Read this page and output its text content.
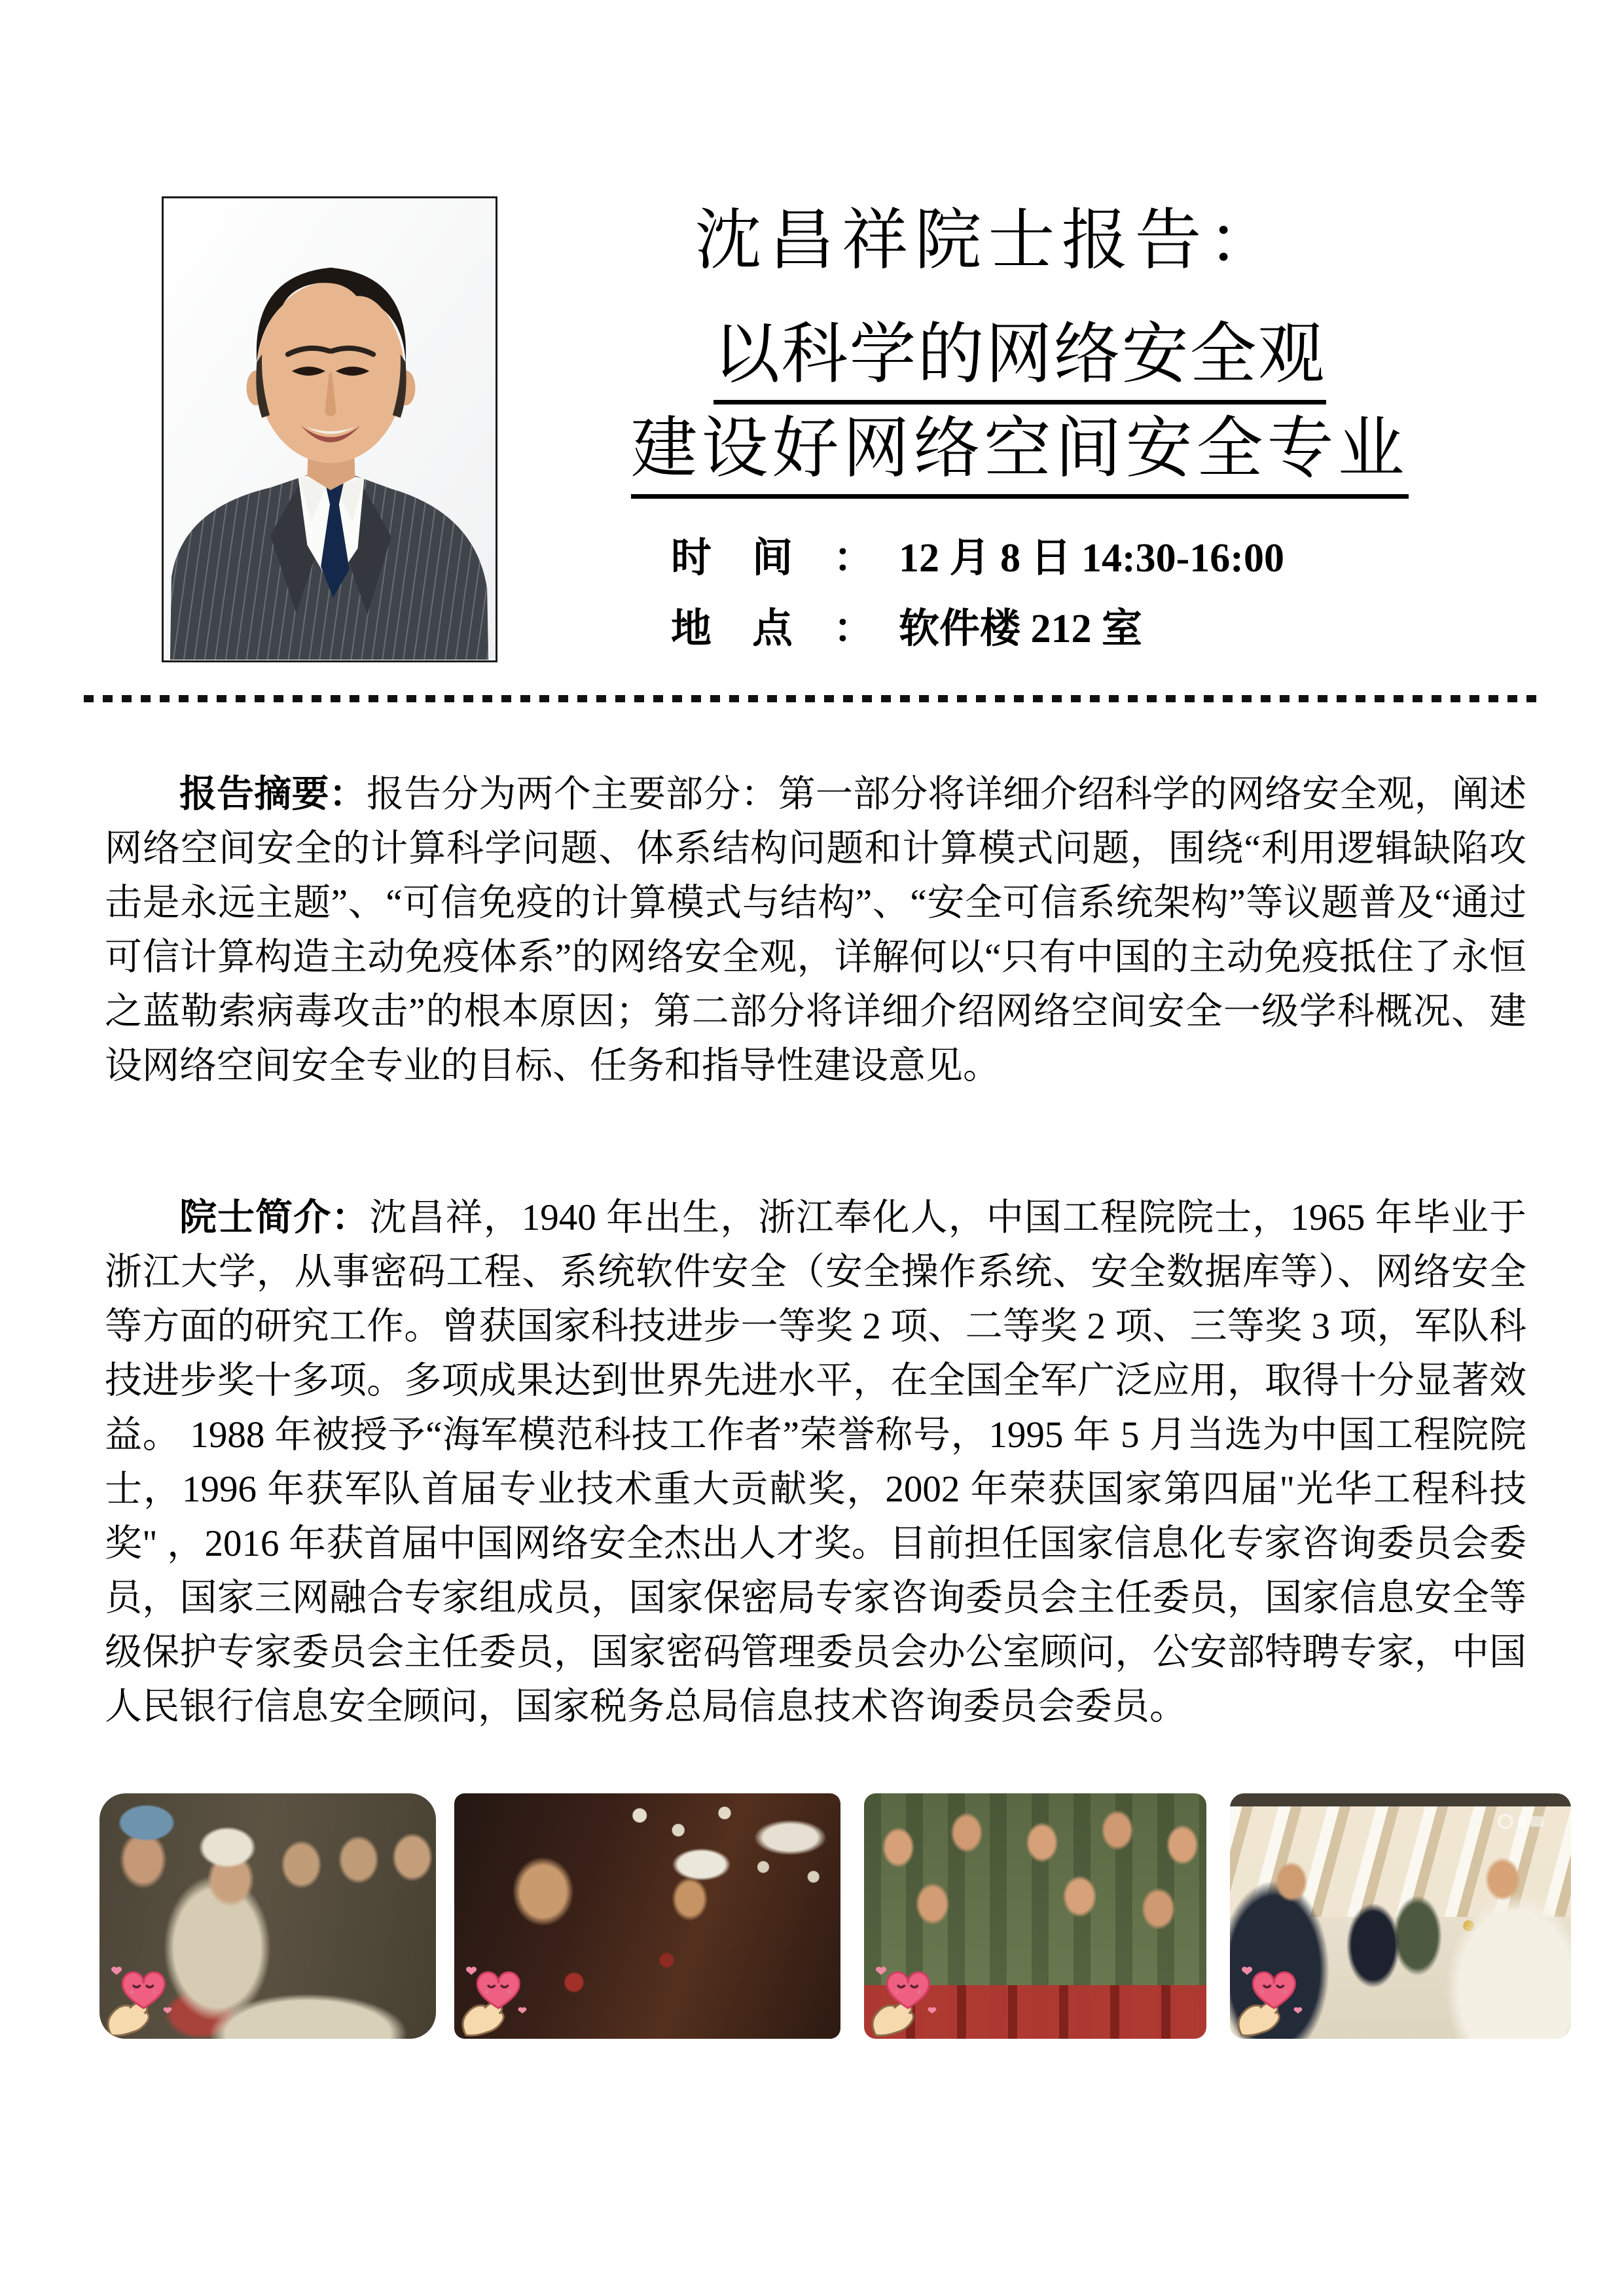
沈昌祥院士报告：
以科学的网络安全观
建设好网络空间安全专业
时　间　： 12 月 8 日 14:30-16:00
地　点　： 软件楼 212 室

报告摘要：报告分为两个主要部分：第一部分将详细介绍科学的网络安全观，阐述网络空间安全的计算科学问题、体系结构问题和计算模式问题，围绕“利用逻辑缺陷攻击是永远主题”、“可信免疫的计算模式与结构”、“安全可信系统架构”等议题普及“通过可信计算构造主动免疫体系”的网络安全观，详解何以“只有中国的主动免疫抵住了永恒之蓝勒索病毒攻击”的根本原因；第二部分将详细介绍网络空间安全一级学科概况、建设网络空间安全专业的目标、任务和指导性建设意见。

院士简介：沈昌祥，1940 年出生，浙江奉化人，中国工程院院士，1965 年毕业于浙江大学，从事密码工程、系统软件安全（安全操作系统、安全数据库等）、网络安全等方面的研究工作。曾获国家科技进步一等奖 2 项、二等奖 2 项、三等奖 3 项，军队科技进步奖十多项。多项成果达到世界先进水平，在全国全军广泛应用，取得十分显著效益。 1988 年被授予“海军模范科技工作者”荣誉称号，1995 年 5 月当选为中国工程院院士，1996 年获军队首届专业技术重大贡献奖，2002 年荣获国家第四届"光华工程科技奖" ，2016 年获首届中国网络安全杰出人才奖。目前担任国家信息化专家咨询委员会委员，国家三网融合专家组成员，国家保密局专家咨询委员会主任委员，国家信息安全等级保护专家委员会主任委员，国家密码管理委员会办公室顾问，公安部特聘专家，中国人民银行信息安全顾问，国家税务总局信息技术咨询委员会委员。
